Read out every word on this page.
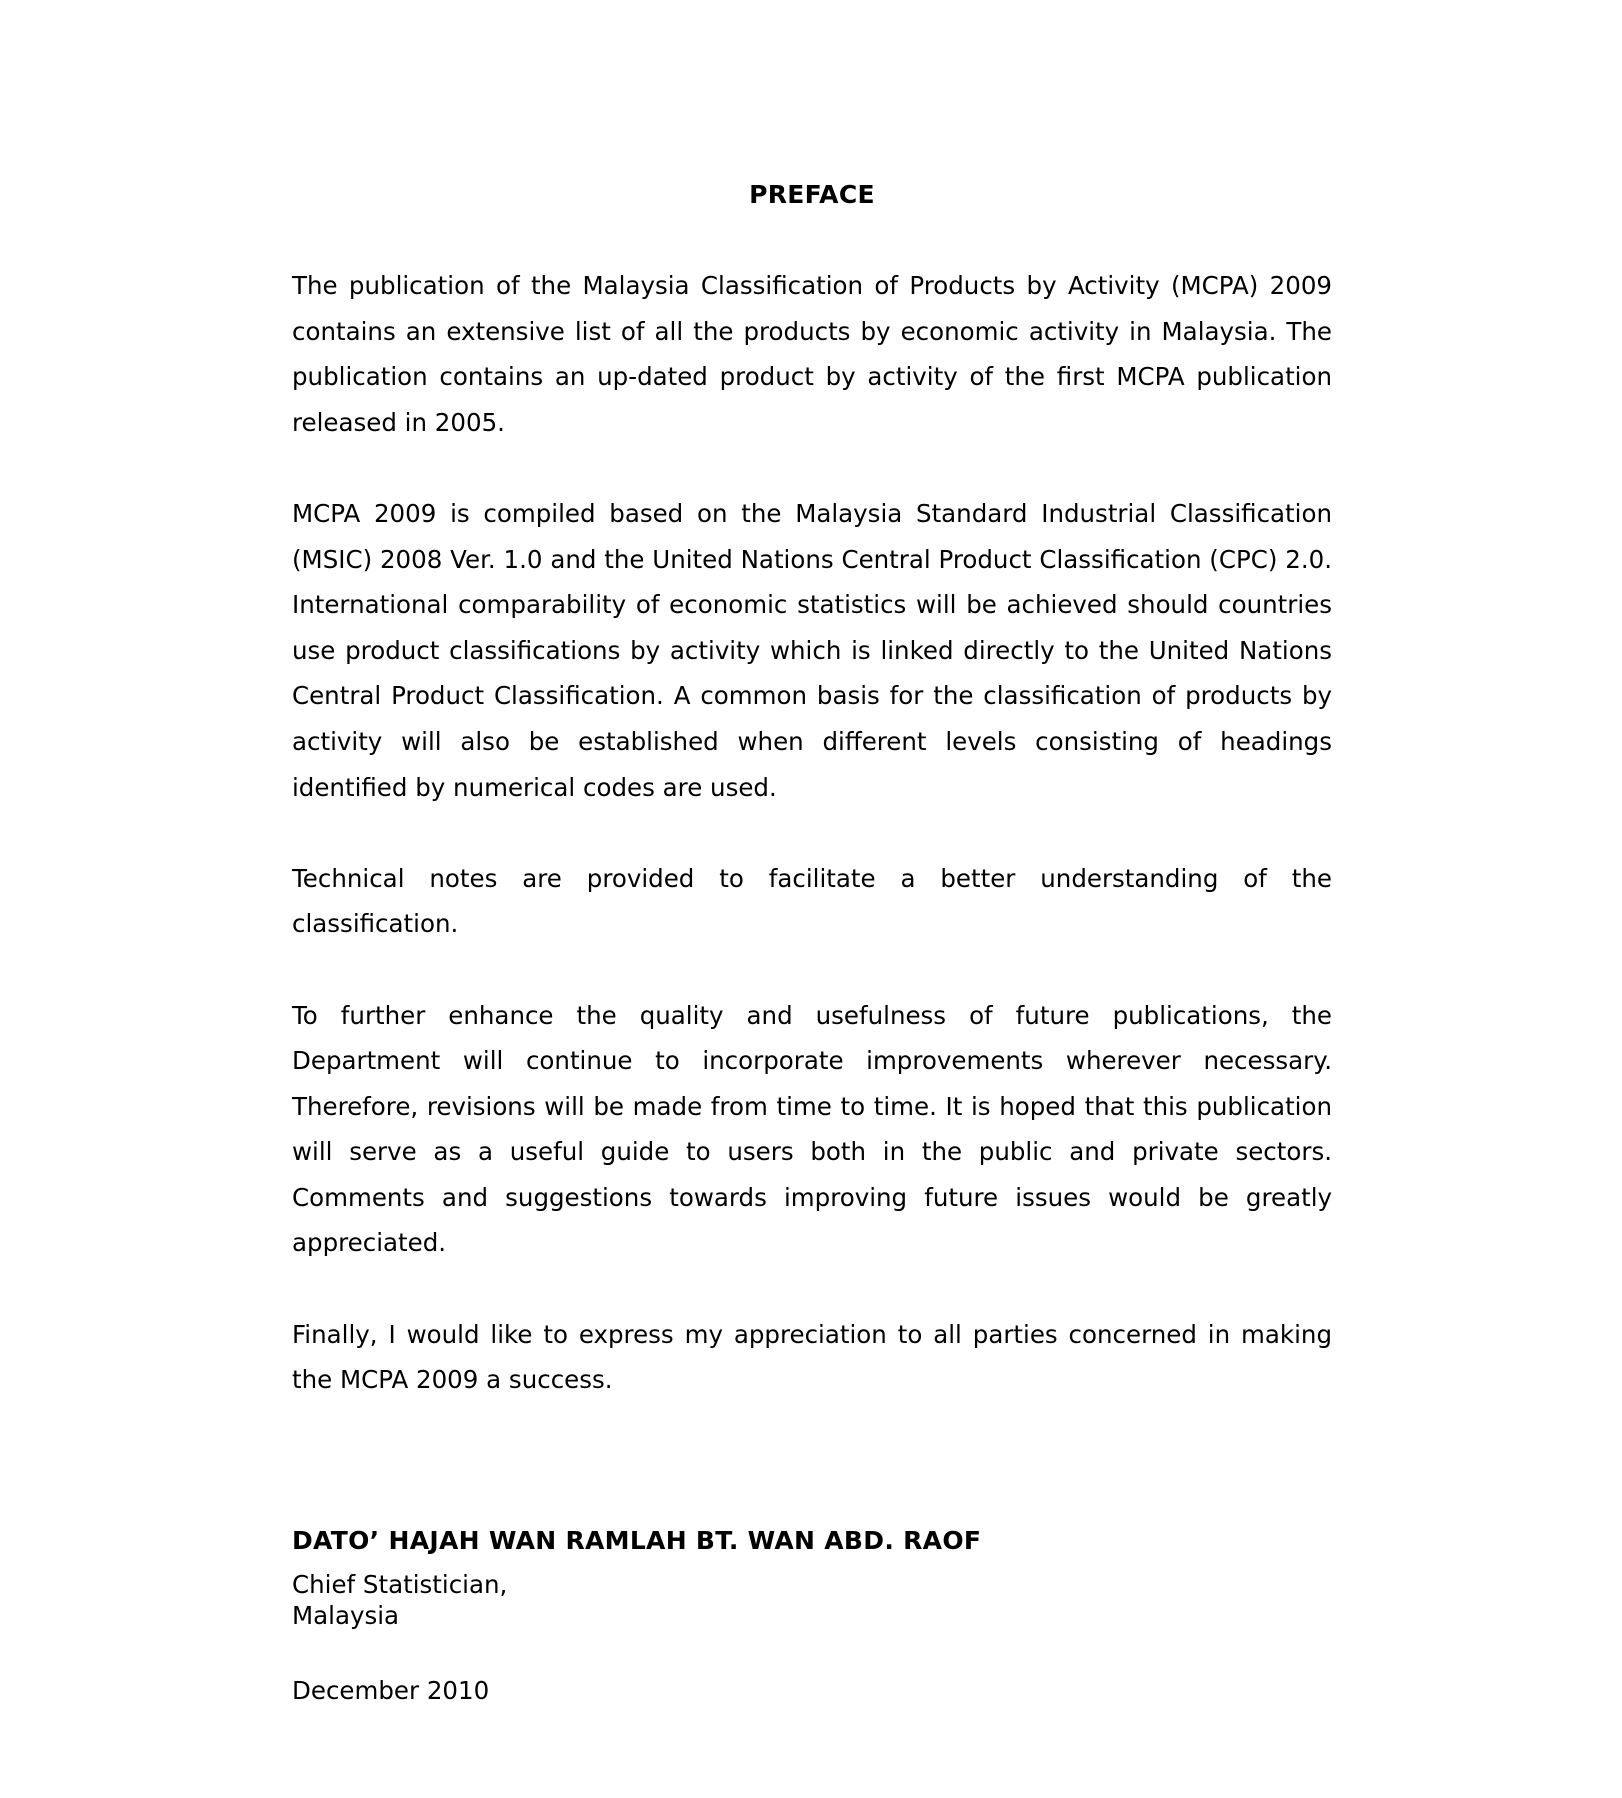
PREFACE

The publication of the Malaysia Classification of Products by Activity (MCPA) 2009 contains an extensive list of all the products by economic activity in Malaysia. The publication contains an up-dated product by activity of the first MCPA publication released in 2005.

MCPA 2009 is compiled based on the Malaysia Standard Industrial Classification (MSIC) 2008 Ver. 1.0 and the United Nations Central Product Classification (CPC) 2.0. International comparability of economic statistics will be achieved should countries use product classifications by activity which is linked directly to the United Nations Central Product Classification. A common basis for the classification of products by activity will also be established when different levels consisting of headings identified by numerical codes are used.

Technical notes are provided to facilitate a better understanding of the classification.

To further enhance the quality and usefulness of future publications, the Department will continue to incorporate improvements wherever necessary. Therefore, revisions will be made from time to time. It is hoped that this publication will serve as a useful guide to users both in the public and private sectors. Comments and suggestions towards improving future issues would be greatly appreciated.

Finally, I would like to express my appreciation to all parties concerned in making the MCPA 2009 a success.

DATO’ HAJAH WAN RAMLAH BT. WAN ABD. RAOF

Chief Statistician,

Malaysia

December 2010
